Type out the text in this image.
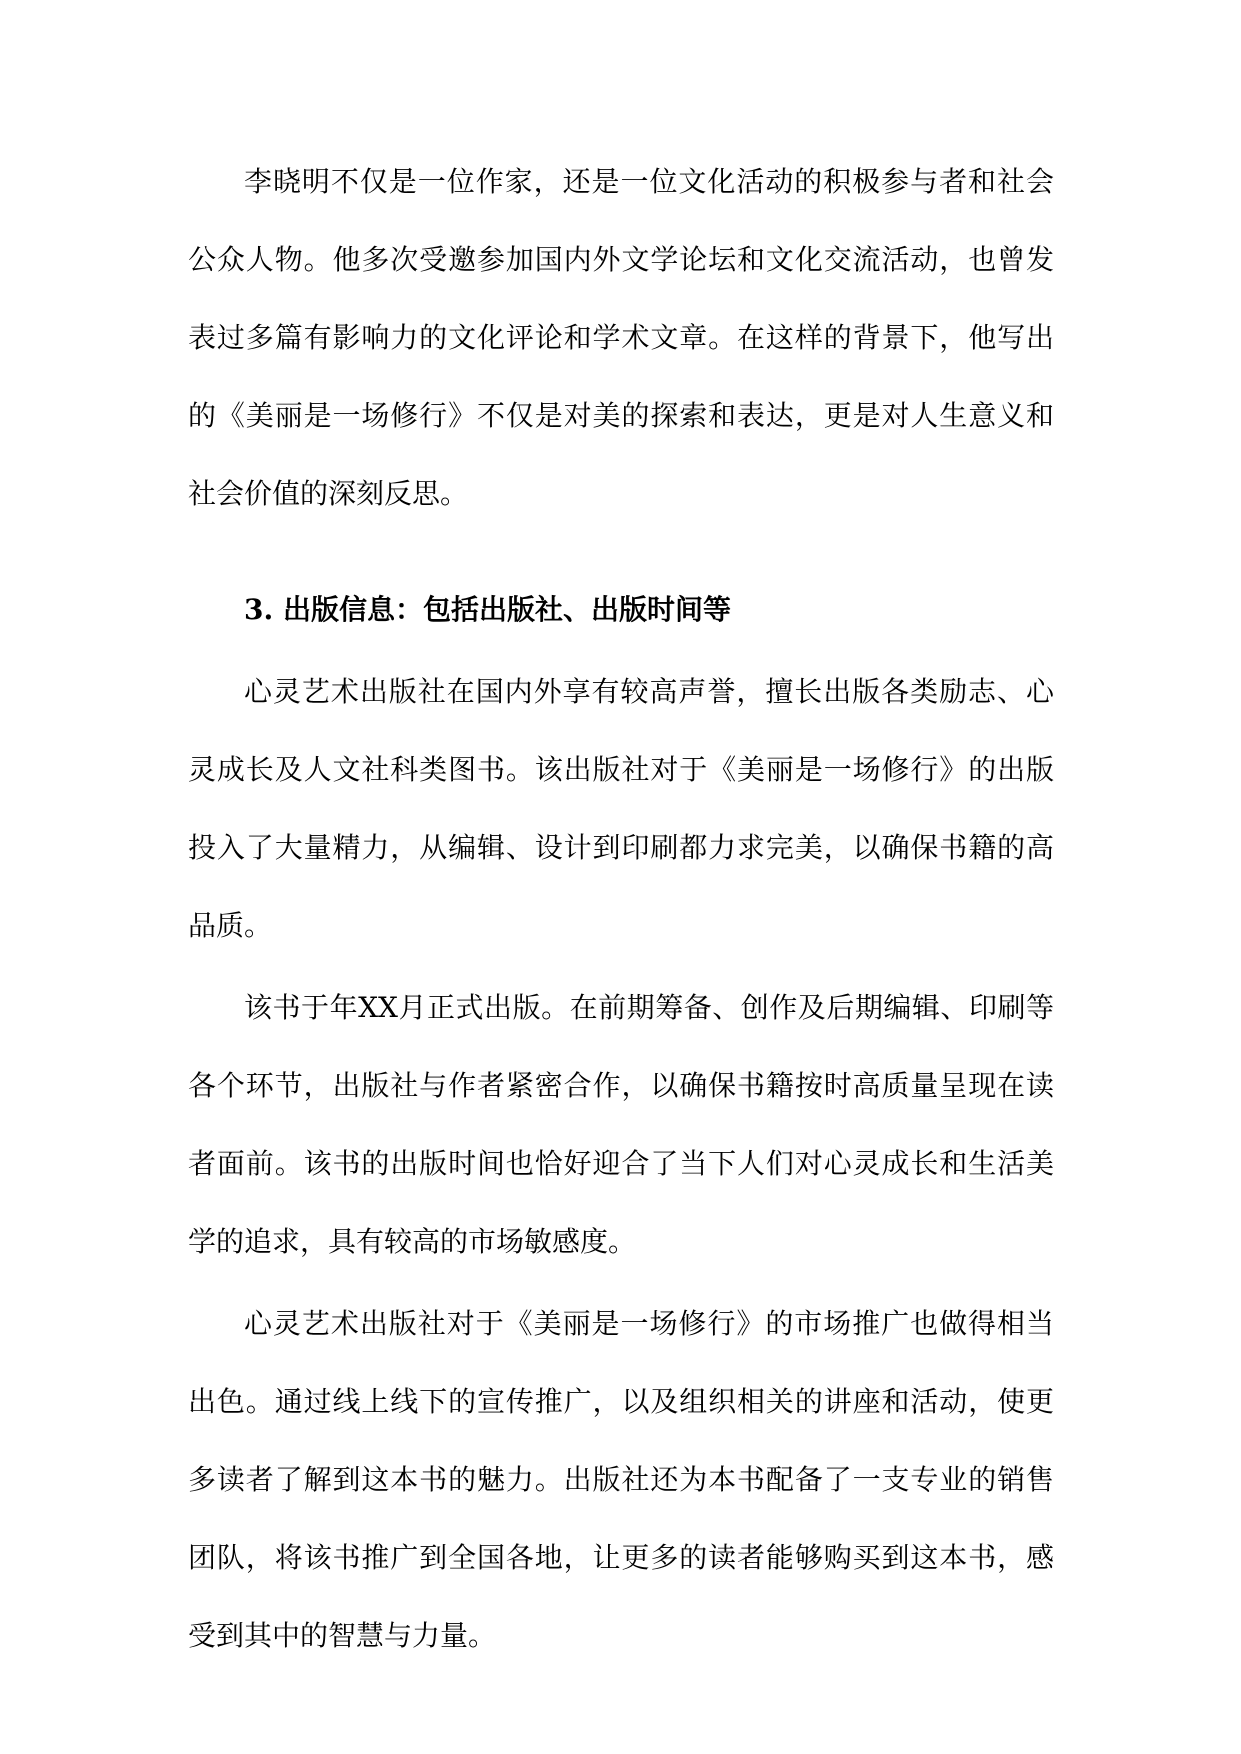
李晓明不仅是一位作家，还是一位文化活动的积极参与者和社会公众人物。他多次受邀参加国内外文学论坛和文化交流活动，也曾发表过多篇有影响力的文化评论和学术文章。在这样的背景下，他写出的《美丽是一场修行》不仅是对美的探索和表达，更是对人生意义和社会价值的深刻反思。

3. 出版信息：包括出版社、出版时间等

心灵艺术出版社在国内外享有较高声誉，擅长出版各类励志、心灵成长及人文社科类图书。该出版社对于《美丽是一场修行》的出版投入了大量精力，从编辑、设计到印刷都力求完美，以确保书籍的高品质。

该书于年XX月正式出版。在前期筹备、创作及后期编辑、印刷等各个环节，出版社与作者紧密合作，以确保书籍按时高质量呈现在读者面前。该书的出版时间也恰好迎合了当下人们对心灵成长和生活美学的追求，具有较高的市场敏感度。

心灵艺术出版社对于《美丽是一场修行》的市场推广也做得相当出色。通过线上线下的宣传推广，以及组织相关的讲座和活动，使更多读者了解到这本书的魅力。出版社还为本书配备了一支专业的销售团队，将该书推广到全国各地，让更多的读者能够购买到这本书，感受到其中的智慧与力量。
